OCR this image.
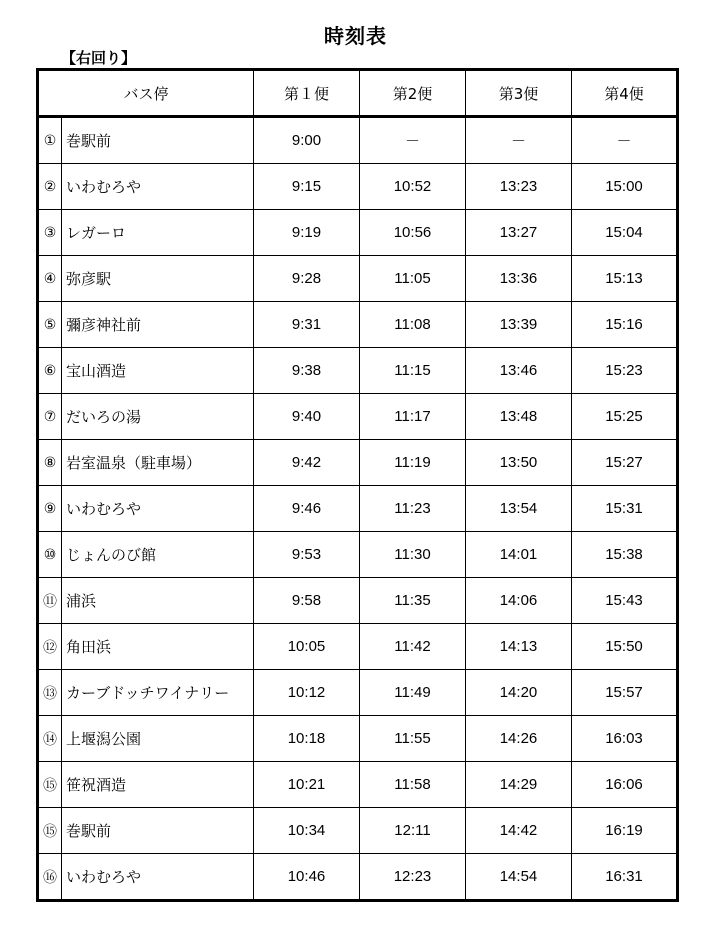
時刻表
【右回り】
バス停	第１便	第2便	第3便	第4便

① 巻駅前	9:00	－	－	－

② いわむろや	9:15	10:52	13:23	15:00

③ レガーロ	9:19	10:56	13:27	15:04

④ 弥彦駅	9:28	11:05	13:36	15:13

⑤ 彌彦神社前	9:31	11:08	13:39	15:16

⑥ 宝山酒造	9:38	11:15	13:46	15:23

⑦ だいろの湯	9:40	11:17	13:48	15:25

⑧ 岩室温泉（駐車場）	9:42	11:19	13:50	15:27

⑨ いわむろや	9:46	11:23	13:54	15:31

⑩ じょんのび館	9:53	11:30	14:01	15:38

⑪ 浦浜	9:58	11:35	14:06	15:43

⑫ 角田浜	10:05	11:42	14:13	15:50

⑬ カーブドッチワイナリー	10:12	11:49	14:20	15:57

⑭ 上堰潟公園	10:18	11:55	14:26	16:03

⑮ 笹祝酒造	10:21	11:58	14:29	16:06

⑮ 巻駅前	10:34	12:11	14:42	16:19

⑯ いわむろや	10:46	12:23	14:54	16:31
